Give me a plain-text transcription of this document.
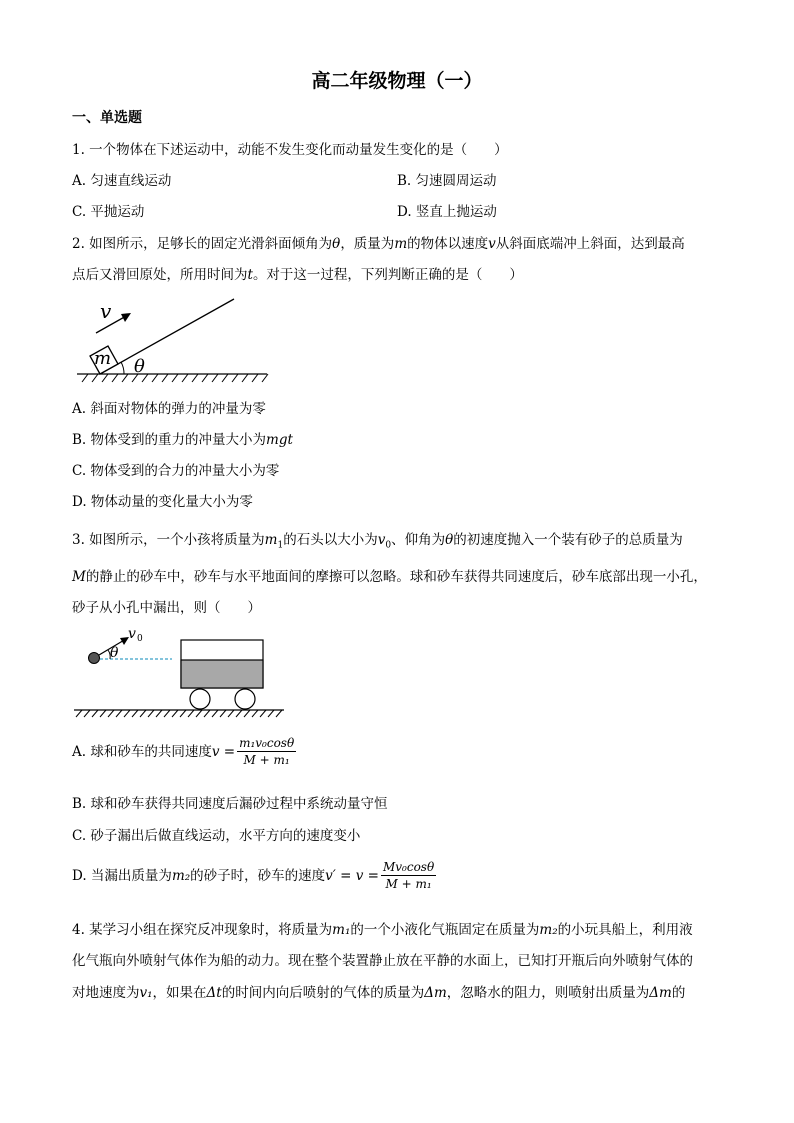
高二年级物理（一）
一、单选题
1. 一个物体在下述运动中，动能不发生变化而动量发生变化的是（　　）
A. 匀速直线运动	B. 匀速圆周运动
C. 平抛运动	D. 竖直上抛运动
2. 如图所示，足够长的固定光滑斜面倾角为θ，质量为m的物体以速度v从斜面底端冲上斜面，达到最高
点后又滑回原处，所用时间为t。对于这一过程，下列判断正确的是（　　）
m θ
v
A. 斜面对物体的弹力的冲量为零
B. 物体受到的重力的冲量大小为mgt
C. 物体受到的合力的冲量大小为零
D. 物体动量的变化量大小为零
3. 如图所示，一个小孩将质量为$m_1$的石头以大小为$v_0$、仰角为θ的初速度抛入一个装有砂子的总质量为
M的静止的砂车中，砂车与水平地面间的摩擦可以忽略。球和砂车获得共同速度后，砂车底部出现一小孔，
砂子从小孔中漏出，则（　　）
v 0
θ
A. 球和砂车的共同速度$v = \frac{\text{m₁v₀cosθ}}{\text{M + m₁}}$
B. 球和砂车获得共同速度后漏砂过程中系统动量守恒
C. 砂子漏出后做直线运动，水平方向的速度变小
D. 当漏出质量为m₂的砂子时，砂车的速度$v' = v = \frac{\text{Mv₀cosθ}}{\text{M + m₁}}$
4. 某学习小组在探究反冲现象时，将质量为m₁的一个小液化气瓶固定在质量为m₂的小玩具船上，利用液
化气瓶向外喷射气体作为船的动力。现在整个装置静止放在平静的水面上，已知打开瓶后向外喷射气体的
对地速度为v₁，如果在Δt的时间内向后喷射的气体的质量为Δm，忽略水的阻力，则喷射出质量为Δm的
